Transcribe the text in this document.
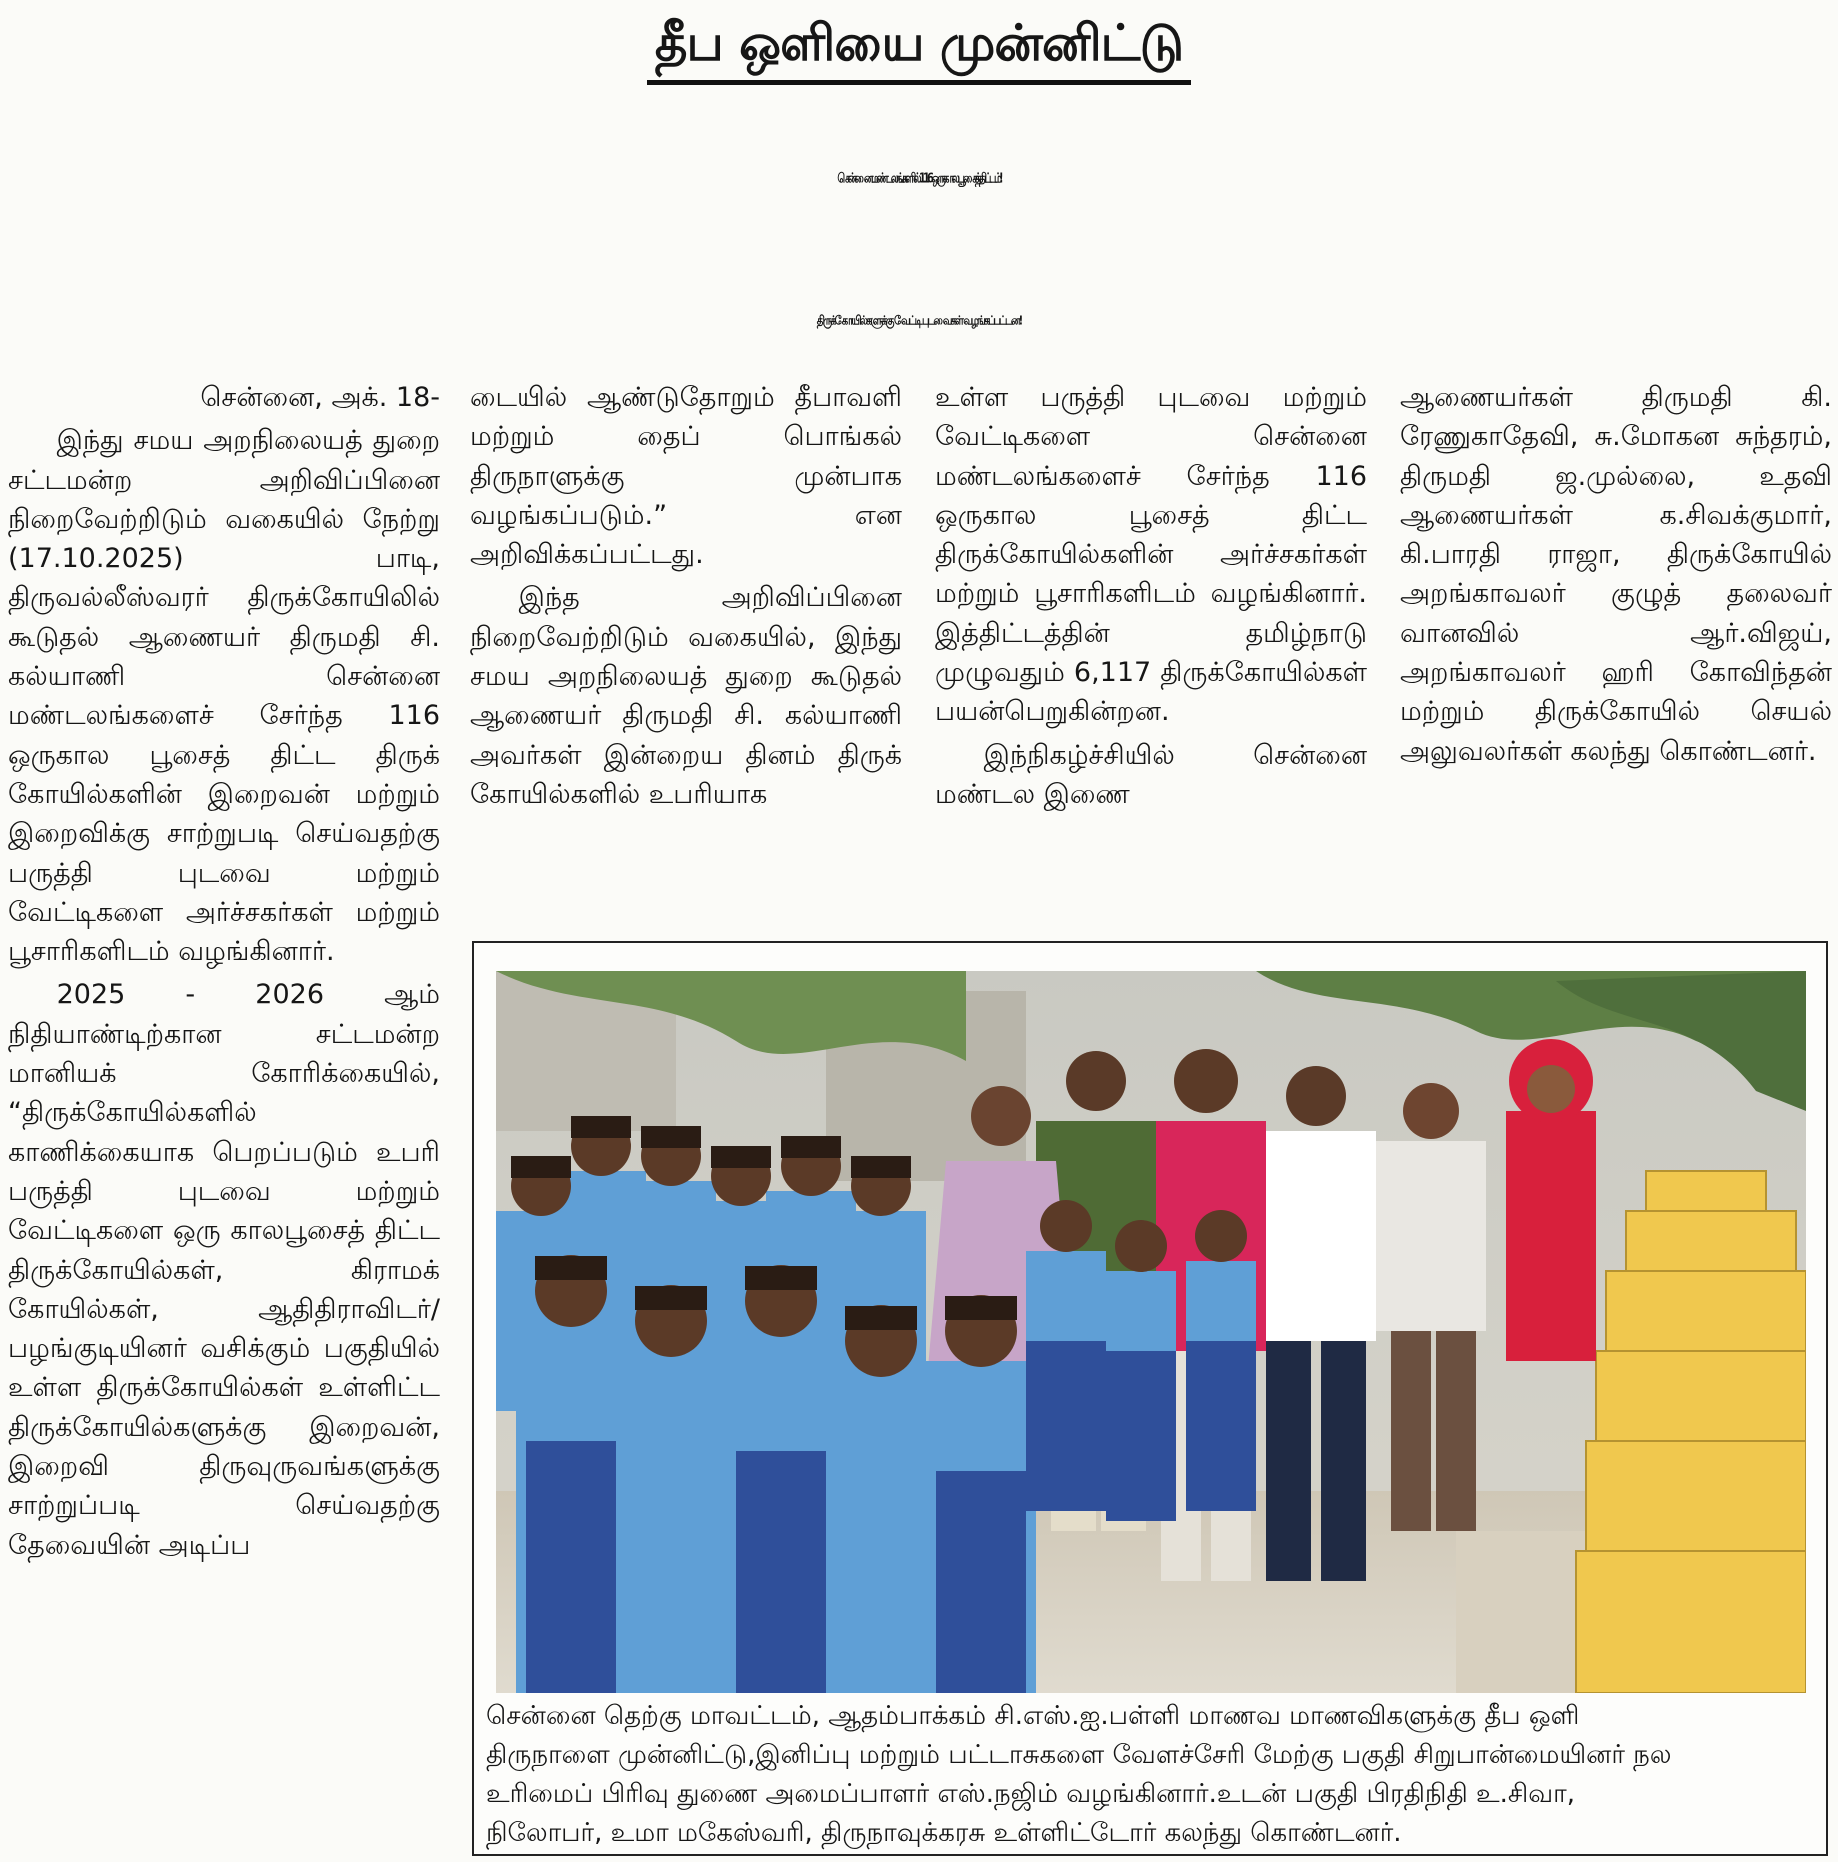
தீப ஒளியை முன்னிட்டு
சென்னை மண்டலங்களில் 116 ஒருகால பூசைத் திட்டம்!
திருக்கோயில்களுக்கு வேட்டி புடவைகள் வழங்கப்பட்டன!

சென்னை, அக். 18-

இந்து சமய அறநிலையத் துறை சட்டமன்ற அறிவிப்பினை நிறைவேற்றிடும் வகையில் நேற்று (17.10.2025) பாடி, திருவல்லீஸ்வரர் திருக்கோயிலில் கூடுதல் ஆணையர் திருமதி சி. கல்யாணி சென்னை மண்டலங்களைச் சேர்ந்த 116 ஒருகால பூசைத் திட்ட திருக் கோயில்களின் இறைவன் மற்றும் இறைவிக்கு சாற்றுபடி செய்வதற்கு பருத்தி புடவை மற்றும் வேட்டிகளை அர்ச்சகர்கள் மற்றும் பூசாரிகளிடம் வழங்கினார்.

2025 - 2026 ஆம் நிதியாண்டிற்கான சட்டமன்ற மானியக் கோரிக்கையில், “திருக்கோயில்களில் காணிக்கையாக பெறப்படும் உபரி பருத்தி புடவை மற்றும் வேட்டிகளை ஒரு காலபூசைத் திட்ட திருக்கோயில்கள், கிராமக் கோயில்கள், ஆதிதிராவிடர்/ பழங்குடியினர் வசிக்கும் பகுதியில் உள்ள திருக்கோயில்கள் உள்ளிட்ட திருக்கோயில்களுக்கு இறைவன், இறைவி திருவுருவங்களுக்கு சாற்றுப்படி செய்வதற்கு தேவையின் அடிப்ப

டையில் ஆண்டுதோறும் தீபாவளி மற்றும் தைப் பொங்கல் திருநாளுக்கு முன்பாக வழங்கப்படும்.” என அறிவிக்கப்பட்டது.

இந்த அறிவிப்பினை நிறைவேற்றிடும் வகையில், இந்து சமய அறநிலையத் துறை கூடுதல் ஆணையர் திருமதி சி. கல்யாணி அவர்கள் இன்றைய தினம் திருக் கோயில்களில் உபரியாக

உள்ள பருத்தி புடவை மற்றும் வேட்டிகளை சென்னை மண்டலங்களைச் சேர்ந்த 116 ஒருகால பூசைத் திட்ட திருக்கோயில்களின் அர்ச்சகர்கள் மற்றும் பூசாரிகளிடம் வழங்கினார். இத்திட்டத்தின் தமிழ்நாடு முழுவதும் 6,117 திருக்கோயில்கள் பயன்பெறுகின்றன.

இந்நிகழ்ச்சியில் சென்னை மண்டல இணை

ஆணையர்கள் திருமதி கி. ரேணுகாதேவி, சு.மோகன சுந்தரம், திருமதி ஜ.முல்லை, உதவி ஆணையர்கள் க.சிவக்குமார், கி.பாரதி ராஜா, திருக்கோயில் அறங்காவலர் குழுத் தலைவர் வானவில் ஆர்.விஜய், அறங்காவலர் ஹரி கோவிந்தன் மற்றும் திருக்கோயில் செயல் அலுவலர்கள் கலந்து கொண்டனர்.

சென்னை தெற்கு மாவட்டம், ஆதம்பாக்கம் சி.எஸ்.ஐ.பள்ளி மாணவ மாணவிகளுக்கு தீப ஒளி
திருநாளை முன்னிட்டு,இனிப்பு மற்றும் பட்டாசுகளை வேளச்சேரி மேற்கு பகுதி சிறுபான்மையினர் நல
உரிமைப் பிரிவு துணை அமைப்பாளர் எஸ்.நஜிம் வழங்கினார்.உடன் பகுதி பிரதிநிதி உ.சிவா,
நிலோபர், உமா மகேஸ்வரி, திருநாவுக்கரசு உள்ளிட்டோர் கலந்து கொண்டனர்.
